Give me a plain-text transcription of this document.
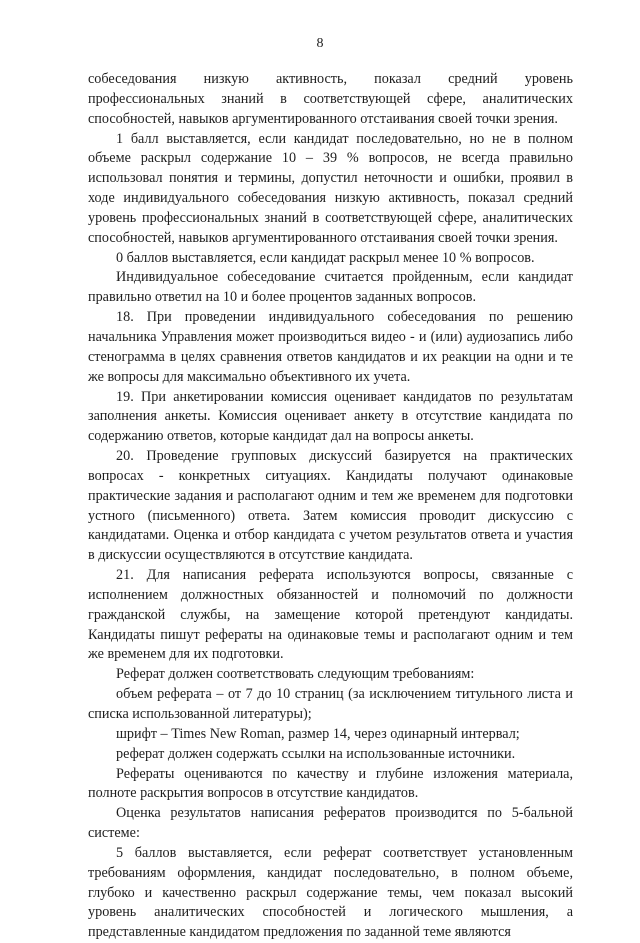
8

собеседования низкую активность, показал средний уровень профессиональных знаний в соответствующей сфере, аналитических способностей, навыков аргументированного отстаивания своей точки зрения.

1 балл выставляется, если кандидат последовательно, но не в полном объеме раскрыл содержание 10 – 39 % вопросов, не всегда правильно использовал понятия и термины, допустил неточности и ошибки, проявил в ходе индивидуального собеседования низкую активность, показал средний уровень профессиональных знаний в соответствующей сфере, аналитических способностей, навыков аргументированного отстаивания своей точки зрения.

0 баллов выставляется, если кандидат раскрыл менее 10 % вопросов.

Индивидуальное собеседование считается пройденным, если кандидат правильно ответил на 10 и более процентов заданных вопросов.

18. При проведении индивидуального собеседования по решению начальника Управления может производиться видео - и (или) аудиозапись либо стенограмма в целях сравнения ответов кандидатов и их реакции на одни и те же вопросы для максимально объективного их учета.

19. При анкетировании комиссия оценивает кандидатов по результатам заполнения анкеты. Комиссия оценивает анкету в отсутствие кандидата по содержанию ответов, которые кандидат дал на вопросы анкеты.

20. Проведение групповых дискуссий базируется на практических вопросах - конкретных ситуациях. Кандидаты получают одинаковые практические задания и располагают одним и тем же временем для подготовки устного (письменного) ответа. Затем комиссия проводит дискуссию с кандидатами. Оценка и отбор кандидата с учетом результатов ответа и участия в дискуссии осуществляются в отсутствие кандидата.

21. Для написания реферата используются вопросы, связанные с исполнением должностных обязанностей и полномочий по должности гражданской службы, на замещение которой претендуют кандидаты. Кандидаты пишут рефераты на одинаковые темы и располагают одним и тем же временем для их подготовки.

Реферат должен соответствовать следующим требованиям:

объем реферата – от 7 до 10 страниц (за исключением титульного листа и списка использованной литературы);

шрифт – Times New Roman, размер 14, через одинарный интервал;

реферат должен содержать ссылки на использованные источники.

Рефераты оцениваются по качеству и глубине изложения материала, полноте раскрытия вопросов в отсутствие кандидатов.

Оценка результатов написания рефератов производится по 5-бальной системе:

5 баллов выставляется, если реферат соответствует установленным требованиям оформления, кандидат последовательно, в полном объеме, глубоко и качественно раскрыл содержание темы, чем показал высокий уровень аналитических способностей и логического мышления, а представленные кандидатом предложения по заданной теме являются
